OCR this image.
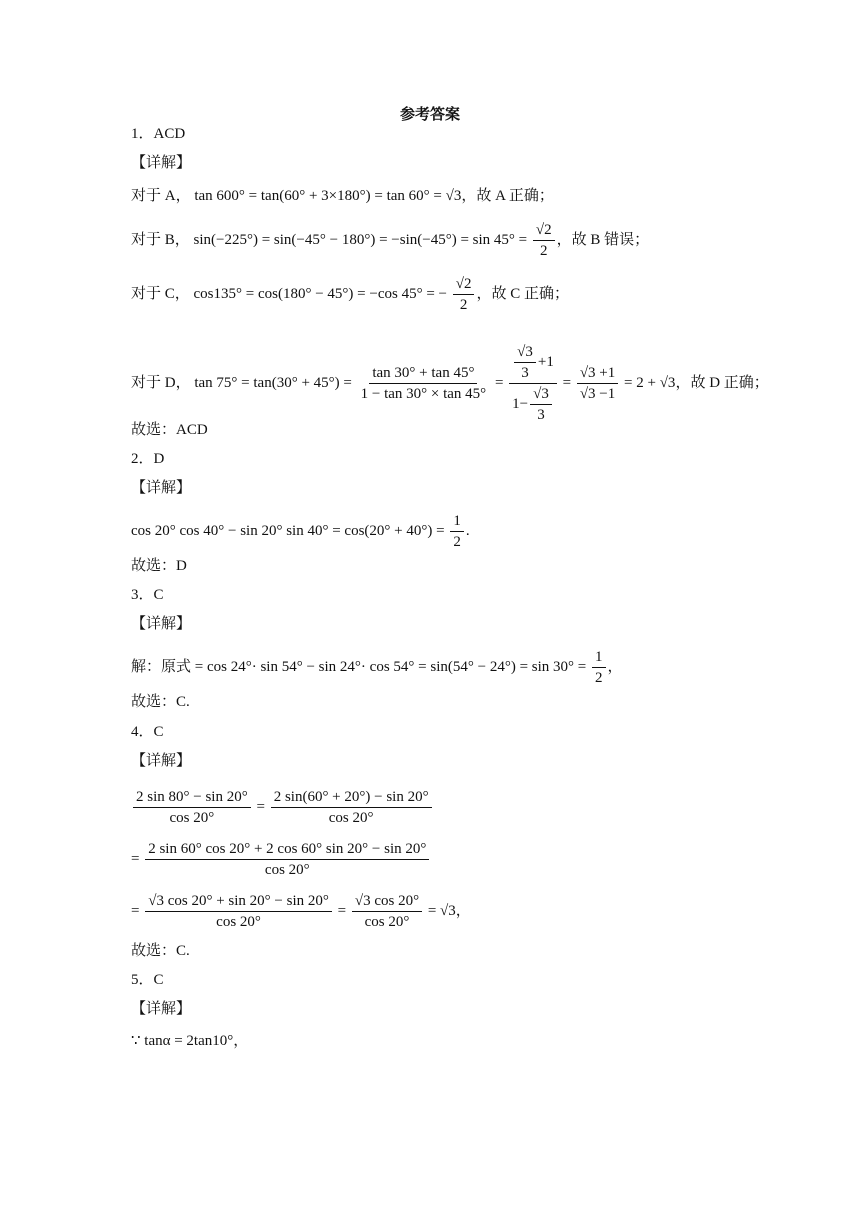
参考答案
1．ACD
【详解】
对于 A， tan 600° = tan(60° + 3×180°) = tan 60° = √3，故 A 正确；
对于 B， $\sin(-225^\circ) = \sin(-45^\circ - 180^\circ) = -\sin(-45^\circ) = \sin 45^\circ = \frac{√2}{2}$ ，故 B 错误；
对于 C， cos135° = cos(180° − 45°) = −cos 45° = − $\frac{√2}{2}$ ，故 C 正确；
对于 D， $\tan 75^\circ = \tan(30^\circ + 45^\circ) = \frac{\tan 30^\circ + \tan 45^\circ}{1 - \tan 30^\circ \times \tan 45^\circ} = \frac{\frac{√3}{3} +1}{1- \frac{√3}{3}} = \frac{√3 +1}{√3 -1} = 2 + √3$，故 D 正确；
故选：ACD
2．D
【详解】
cos 20° cos 40° − sin 20° $\sin 40^\circ = \cos(20^\circ + 40^\circ) = \frac{1}{2}$ .
故选：D
3．C
【详解】
解：原式 = $\cos 24^\circ\cdot \sin 54^\circ - \sin 24^\circ\cdot \cos 54^\circ = \sin(54^\circ - 24^\circ) = \sin 30^\circ = \frac{1}{2}$ ，
故选：C.
4．C
【详解】
$\frac{2 \sin 80^\circ - \sin 20^\circ}{\cos 20^\circ} = \frac{2 \sin(60^\circ + 20^\circ) - \sin 20^\circ}{\cos 20^\circ}$
= $\frac{2 \sin 60^\circ \cos 20^\circ + 2 \cos 60^\circ \sin 20^\circ - \sin 20^\circ}{\cos 20^\circ}$
= $\frac{√3 \cos 20^\circ + \sin 20^\circ - \sin 20^\circ}{\cos 20^\circ} = \frac{√3 \cos 20^\circ}{\cos 20^\circ} = √3$，
故选：C.
5．C
【详解】
∵ tanα = 2tan10°，
